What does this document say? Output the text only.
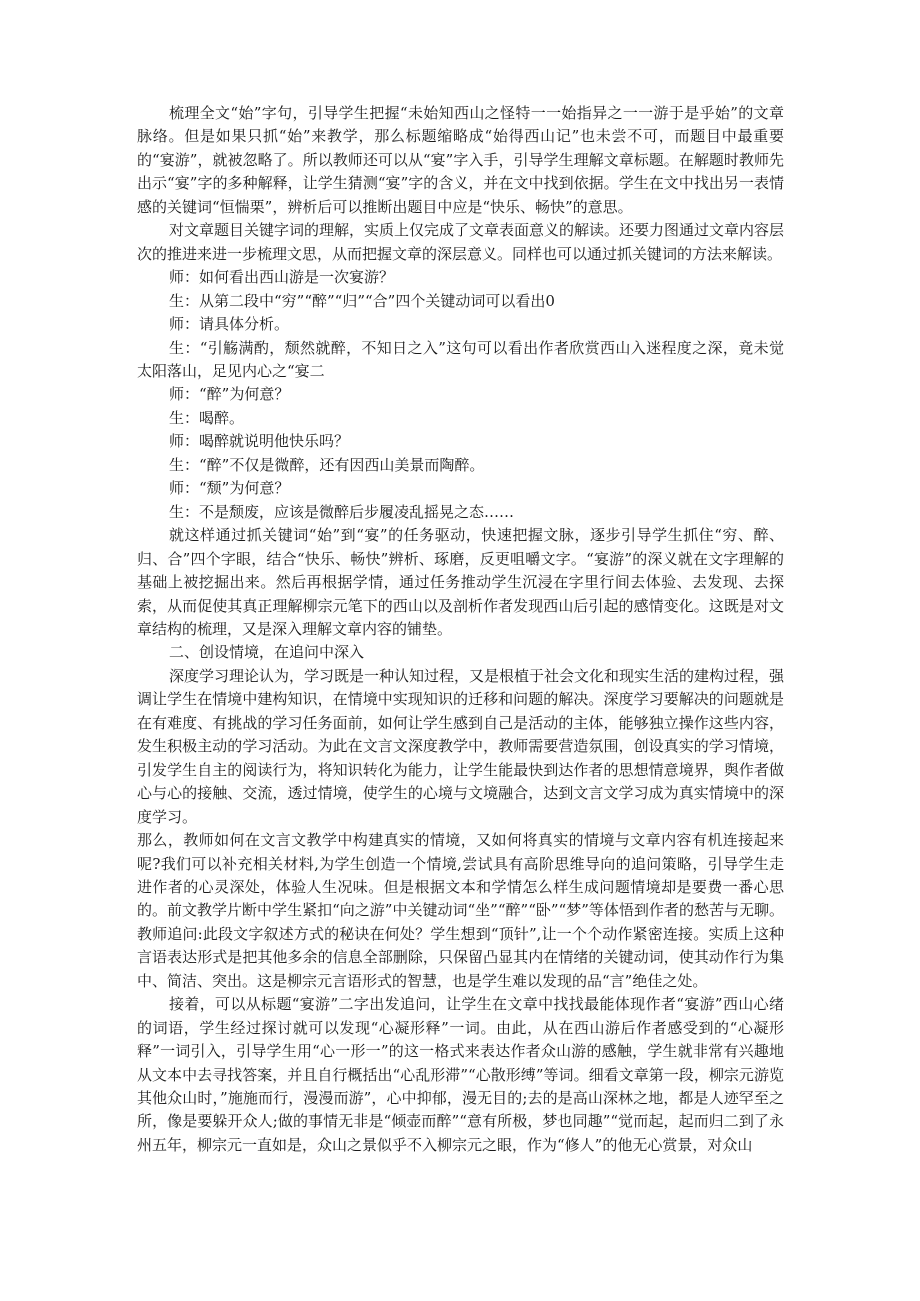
梳理全文“始”字句，引导学生把握“未始知西山之怪特一一始指异之一一游于是乎始”的文章脉络。但是如果只抓“始”来教学，那么标题缩略成“始得西山记”也未尝不可，而题目中最重要的“宴游”，就被忽略了。所以教师还可以从“宴”字入手，引导学生理解文章标题。在解题时教师先出示“宴”字的多种解释，让学生猜测“宴”字的含义，并在文中找到依据。学生在文中找出另一表情感的关键词“恒惴栗”，辨析后可以推断出题目中应是“快乐、畅快”的意思。

对文章题目关键字词的理解，实质上仅完成了文章表面意义的解读。还要力图通过文章内容层次的推进来进一步梳理文思，从而把握文章的深层意义。同样也可以通过抓关键词的方法来解读。

师：如何看出西山游是一次宴游？

生：从第二段中“穷”“醉”“归”“合”四个关键动词可以看出0

师：请具体分析。

生：“引觞满酌，颓然就醉，不知日之入”这句可以看出作者欣赏西山入迷程度之深，竟未觉太阳落山，足见内心之“宴二

师：“醉”为何意？

生：喝醉。

师：喝醉就说明他快乐吗？

生：“醉”不仅是微醉，还有因西山美景而陶醉。

师：“颓”为何意？

生：不是颓废，应该是微醉后步履凌乱摇晃之态……

就这样通过抓关键词“始”到“宴”的任务驱动，快速把握文脉，逐步引导学生抓住“穷、醉、归、合”四个字眼，结合“快乐、畅快”辨析、琢磨，反更咀嚼文字。“宴游”的深义就在文字理解的基础上被挖掘出来。然后再根据学情，通过任务推动学生沉浸在字里行间去体验、去发现、去探索，从而促使其真正理解柳宗元笔下的西山以及剖析作者发现西山后引起的感情变化。这既是对文章结构的梳理，又是深入理解文章内容的铺垫。

二、创设情境，在追问中深入

深度学习理论认为，学习既是一种认知过程，又是根植于社会文化和现实生活的建构过程，强调让学生在情境中建构知识，在情境中实现知识的迁移和问题的解决。深度学习要解决的问题就是在有难度、有挑战的学习任务面前，如何让学生感到自己是活动的主体，能够独立操作这些内容，发生积极主动的学习活动。为此在文言文深度教学中，教师需要营造氛围，创设真实的学习情境，引发学生自主的阅读行为，将知识转化为能力，让学生能最快到达作者的思想情意境界，舆作者做心与心的接触、交流，透过情境，使学生的心境与文境融合，达到文言文学习成为真实情境中的深度学习。

那么，教师如何在文言文教学中构建真实的情境，又如何将真实的情境与文章内容有机连接起来呢?我们可以补充相关材料,为学生创造一个情境,尝试具有高阶思维导向的追问策略，引导学生走进作者的心灵深处，体验人生况味。但是根据文本和学情怎么样生成问题情境却是要费一番心思的。前文教学片断中学生紧扣“向之游”中关键动词“坐”“醉”“卧”“梦”等体悟到作者的愁苦与无聊。教师追问:此段文字叙述方式的秘诀在何处？学生想到“顶针”,让一个个动作紧密连接。实质上这种言语表达形式是把其他多余的信息全部删除，只保留凸显其内在情绪的关键动词，使其动作行为集中、简洁、突出。这是柳宗元言语形式的智慧，也是学生难以发现的品“言”绝佳之处。

接着，可以从标题“宴游”二字出发追问，让学生在文章中找找最能体现作者“宴游”西山心绪的词语，学生经过探讨就可以发现“心凝形释”一词。由此，从在西山游后作者感受到的“心凝形释”一词引入，引导学生用“心一形一”的这一格式来表达作者众山游的感触，学生就非常有兴趣地从文本中去寻找答案，并且自行概括出“心乱形滞”“心散形缚”等词。细看文章第一段，柳宗元游览其他众山时，”施施而行，漫漫而游”，心中抑郁，漫无目的;去的是高山深林之地，都是人迹罕至之所，像是要躲开众人;做的事情无非是“倾壶而醉”“意有所极，梦也同趣”“觉而起，起而归二到了永州五年，柳宗元一直如是，众山之景似乎不入柳宗元之眼，作为“修人”的他无心赏景，对众山
